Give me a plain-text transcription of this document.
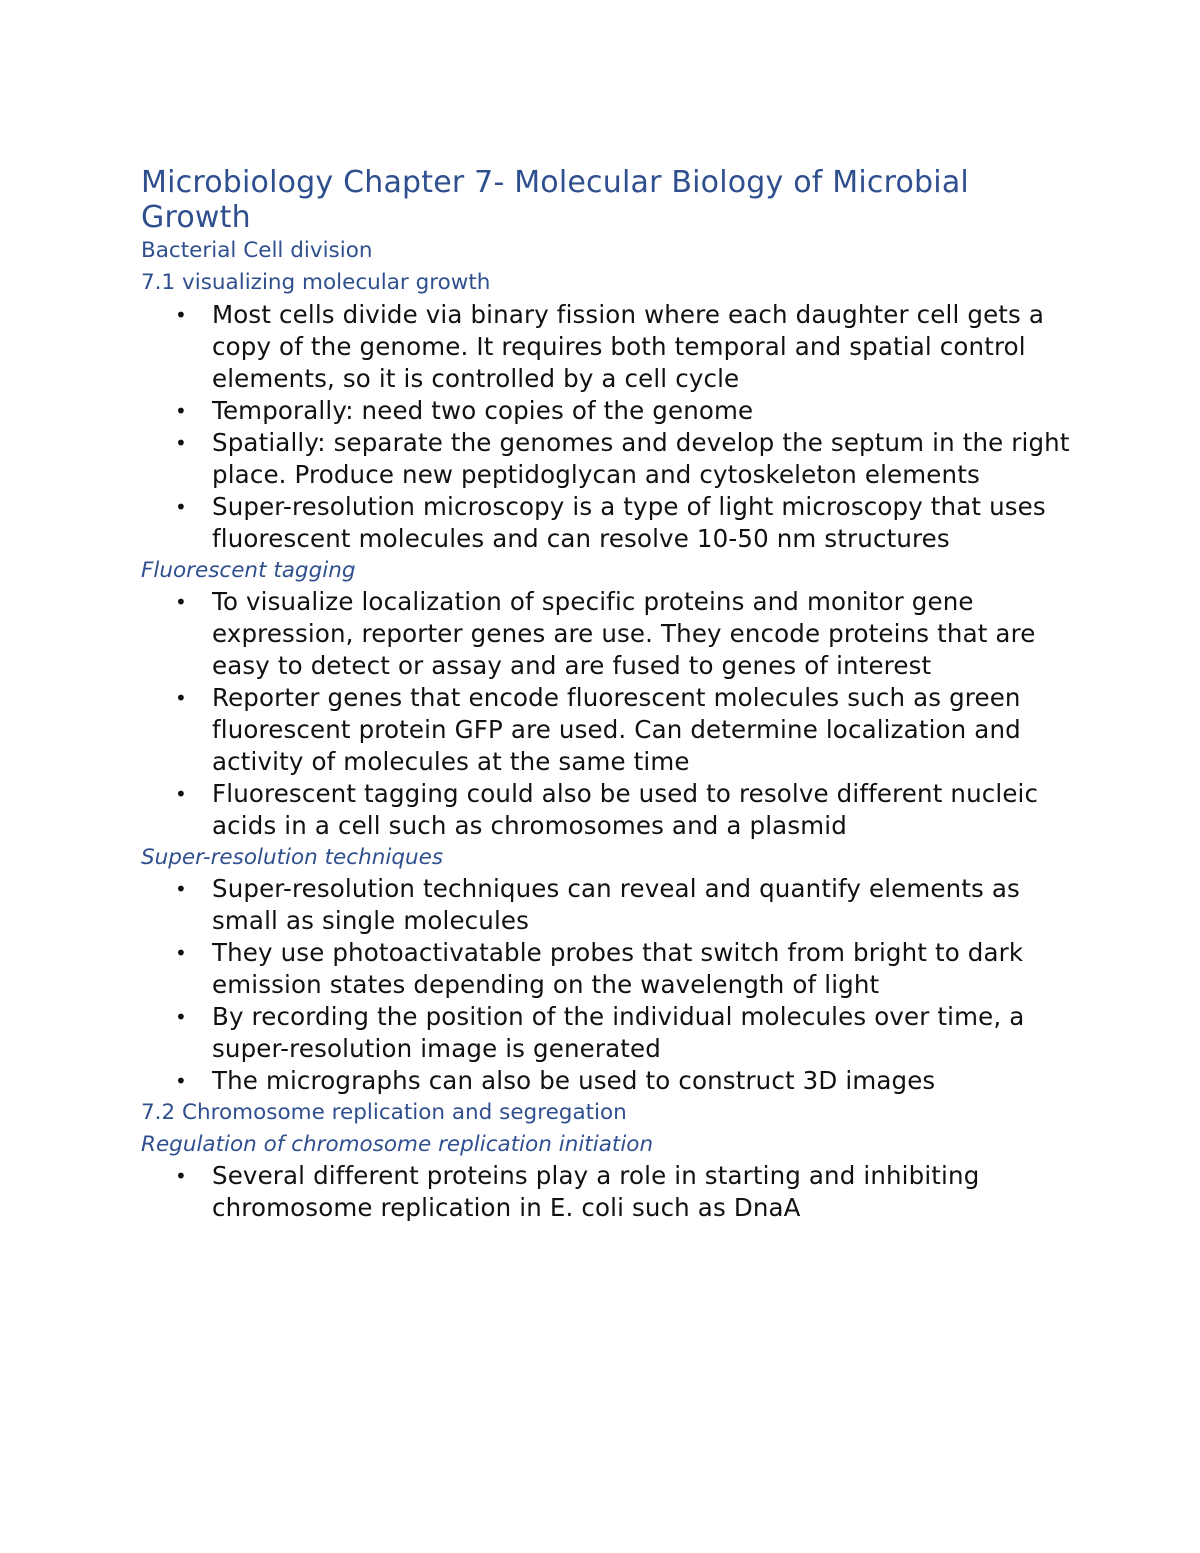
Microbiology Chapter 7- Molecular Biology of Microbial Growth
Bacterial Cell division
7.1 visualizing molecular growth
• Most cells divide via binary fission where each daughter cell gets a copy of the genome. It requires both temporal and spatial control elements, so it is controlled by a cell cycle
• Temporally: need two copies of the genome
• Spatially: separate the genomes and develop the septum in the right place. Produce new peptidoglycan and cytoskeleton elements
• Super-resolution microscopy is a type of light microscopy that uses fluorescent molecules and can resolve 10-50 nm structures
Fluorescent tagging
• To visualize localization of specific proteins and monitor gene expression, reporter genes are use. They encode proteins that are easy to detect or assay and are fused to genes of interest
• Reporter genes that encode fluorescent molecules such as green fluorescent protein GFP are used. Can determine localization and activity of molecules at the same time
• Fluorescent tagging could also be used to resolve different nucleic acids in a cell such as chromosomes and a plasmid
Super-resolution techniques
• Super-resolution techniques can reveal and quantify elements as small as single molecules
• They use photoactivatable probes that switch from bright to dark emission states depending on the wavelength of light
• By recording the position of the individual molecules over time, a super-resolution image is generated
• The micrographs can also be used to construct 3D images
7.2 Chromosome replication and segregation
Regulation of chromosome replication initiation
• Several different proteins play a role in starting and inhibiting chromosome replication in E. coli such as DnaA
